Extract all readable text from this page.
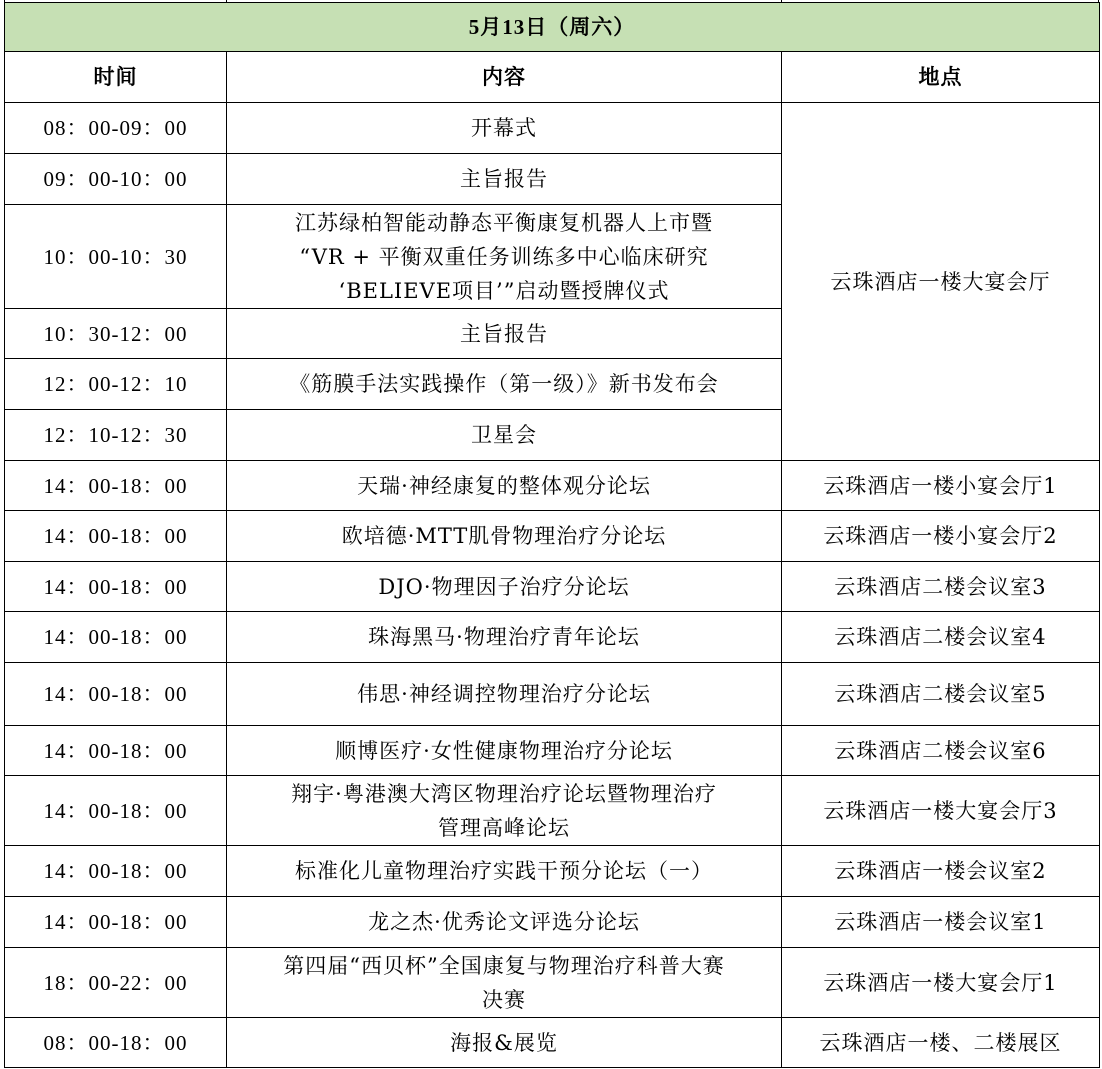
5月13日（周六）		
时间	内容	地点
08：00-09：00	开幕式	云珠酒店一楼大宴会厅
09：00-10：00	主旨报告	

10：00-10：30	江苏绿柏智能动静态平衡康复机器人上市暨
“VR + 平衡双重任务训练多中心临床研究
‘BELIEVE项目’”启动暨授牌仪式	

10：30-12：00	主旨报告	

12：00-12：10	《筋膜手法实践操作（第一级）》新书发布会	

12：10-12：30	卫星会	

14：00-18：00	天瑞·神经康复的整体观分论坛	云珠酒店一楼小宴会厅1
14：00-18：00	欧培德·MTT肌骨物理治疗分论坛	云珠酒店一楼小宴会厅2
14：00-18：00	DJO·物理因子治疗分论坛	云珠酒店二楼会议室3
14：00-18：00	珠海黑马·物理治疗青年论坛	云珠酒店二楼会议室4
14：00-18：00	伟思·神经调控物理治疗分论坛	云珠酒店二楼会议室5
14：00-18：00	顺博医疗·女性健康物理治疗分论坛	云珠酒店二楼会议室6
14：00-18：00	翔宇·粤港澳大湾区物理治疗论坛暨物理治疗
管理高峰论坛	云珠酒店一楼大宴会厅3
14：00-18：00	标准化儿童物理治疗实践干预分论坛（一）	云珠酒店一楼会议室2
14：00-18：00	龙之杰·优秀论文评选分论坛	云珠酒店一楼会议室1
18：00-22：00	第四届“西贝杯”全国康复与物理治疗科普大赛
决赛	云珠酒店一楼大宴会厅1
08：00-18：00	海报&展览	云珠酒店一楼、二楼展区
